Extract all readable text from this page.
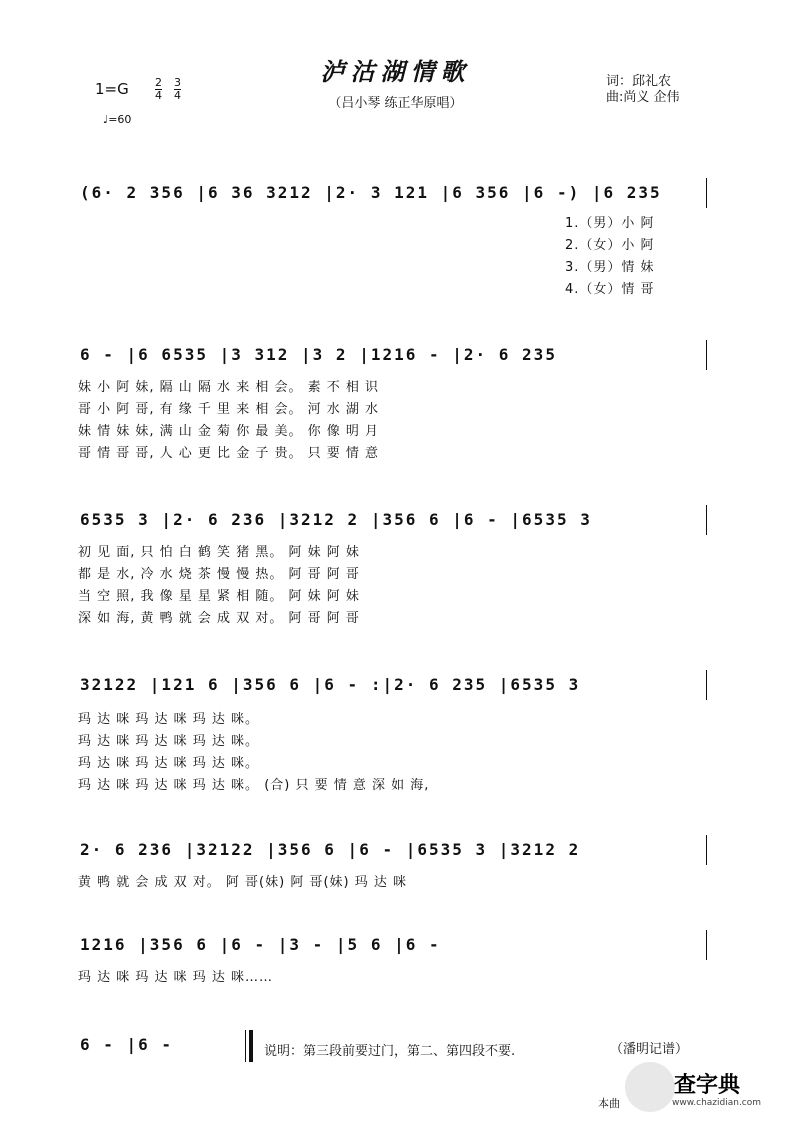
泸沽湖情歌
（吕小琴 练正华原唱）
词：邱礼农
曲:尚义 企伟
1=G 2
4
3
4
♩=60
(6· 2 356 |6 36 3212 |2· 3 121 |6 356 |6 -) |6 235
1.（男）小 阿
2.（女）小 阿
3.（男）情 妹
4.（女）情 哥
6 - |6 6535 |3 312 |3 2 |1216 - |2· 6 235
妹 小 阿 妹, 隔 山 隔 水 来 相 会。 素 不 相 识
哥 小 阿 哥, 有 缘 千 里 来 相 会。 河 水 湖 水
妹 情 妹 妹, 满 山 金 菊 你 最 美。 你 像 明 月
哥 情 哥 哥, 人 心 更 比 金 子 贵。 只 要 情 意
6535 3 |2· 6 236 |3212 2 |356 6 |6 - |6535 3
初 见 面, 只 怕 白 鹤 笑 猪 黑。 阿 妹 阿 妹
都 是 水, 冷 水 烧 茶 慢 慢 热。 阿 哥 阿 哥
当 空 照, 我 像 星 星 紧 相 随。 阿 妹 阿 妹
深 如 海, 黄 鸭 就 会 成 双 对。 阿 哥 阿 哥
32122 |121 6 |356 6 |6 - :|2· 6 235 |6535 3
玛 达 咪 玛 达 咪 玛 达 咪。
玛 达 咪 玛 达 咪 玛 达 咪。
玛 达 咪 玛 达 咪 玛 达 咪。
玛 达 咪 玛 达 咪 玛 达 咪。 (合) 只 要 情 意 深 如 海,
2· 6 236 |32122 |356 6 |6 - |6535 3 |3212 2
黄 鸭 就 会 成 双 对。 阿 哥(妹) 阿 哥(妹) 玛 达 咪
1216 |356 6 |6 - |3 - |5 6 |6 -
玛 达 咪 玛 达 咪 玛 达 咪……
6 - |6 -	说明：第三段前要过门，第二、第四段不要.	（潘明记谱）
本曲
查字典
www.chazidian.com
